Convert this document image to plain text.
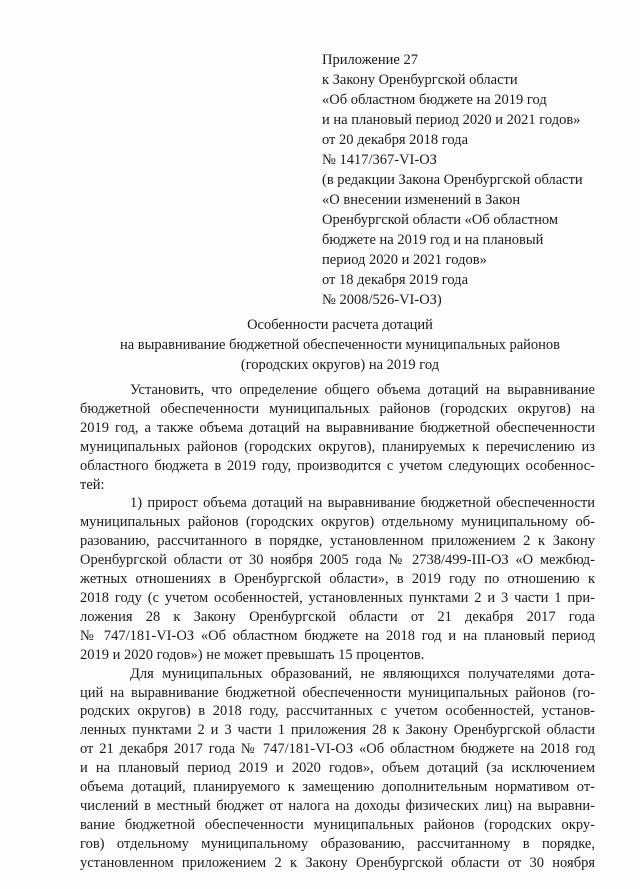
Приложение 27
к Закону Оренбургской области
«Об областном бюджете на 2019 год
и на плановый период 2020 и 2021 годов»
от 20 декабря 2018 года
№ 1417/367-VI-ОЗ
(в редакции Закона Оренбургской области
«О внесении изменений в Закон
Оренбургской области «Об областном
бюджете на 2019 год и на плановый
период 2020 и 2021 годов»
от 18 декабря 2019 года
№ 2008/526-VI-ОЗ)
Особенности расчета дотаций
на выравнивание бюджетной обеспеченности муниципальных районов
(городских округов) на 2019 год
Установить, что определение общего объема дотаций на выравнивание
бюджетной обеспеченности муниципальных районов (городских округов) на
2019 год, а также объема дотаций на выравнивание бюджетной обеспеченности
муниципальных районов (городских округов), планируемых к перечислению из
областного бюджета в 2019 году, производится с учетом следующих особеннос-
тей:
1) прирост объема дотаций на выравнивание бюджетной обеспеченности
муниципальных районов (городских округов) отдельному муниципальному об-
разованию, рассчитанного в порядке, установленном приложением 2 к Закону
Оренбургской области от 30 ноября 2005 года № 2738/499-III-ОЗ «О межбюд-
жетных отношениях в Оренбургской области», в 2019 году по отношению к
2018 году (с учетом особенностей, установленных пунктами 2 и 3 части 1 при-
ложения 28 к Закону Оренбургской области от 21 декабря 2017 года
№ 747/181-VI-ОЗ «Об областном бюджете на 2018 год и на плановый период
2019 и 2020 годов») не может превышать 15 процентов.
Для муниципальных образований, не являющихся получателями дота-
ций на выравнивание бюджетной обеспеченности муниципальных районов (го-
родских округов) в 2018 году, рассчитанных с учетом особенностей, установ-
ленных пунктами 2 и 3 части 1 приложения 28 к Закону Оренбургской области
от 21 декабря 2017 года № 747/181-VI-ОЗ «Об областном бюджете на 2018 год
и на плановый период 2019 и 2020 годов», объем дотаций (за исключением
объема дотаций, планируемого к замещению дополнительным нормативом от-
числений в местный бюджет от налога на доходы физических лиц) на выравни-
вание бюджетной обеспеченности муниципальных районов (городских окру-
гов) отдельному муниципальному образованию, рассчитанному в порядке,
установленном приложением 2 к Закону Оренбургской области от 30 ноября
